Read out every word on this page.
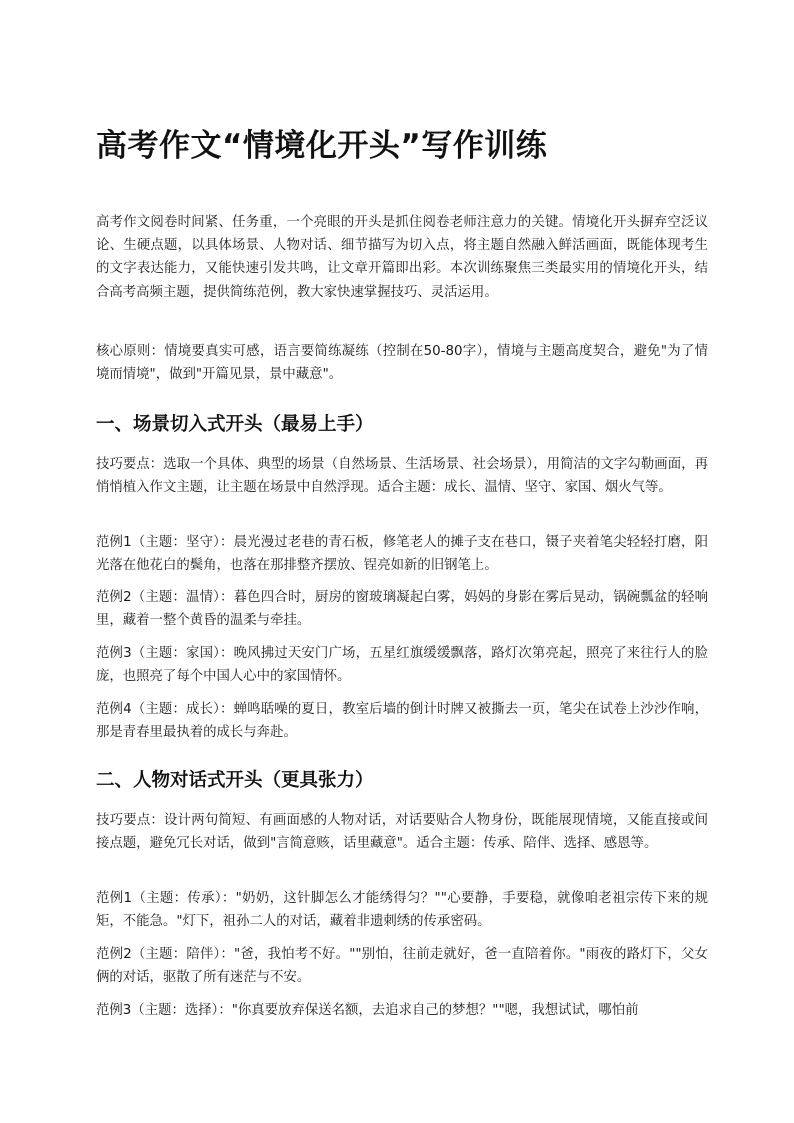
高考作文“情境化开头”写作训练

高考作文阅卷时间紧、任务重，一个亮眼的开头是抓住阅卷老师注意力的关键。情境化开头摒弃空泛议论、生硬点题，以具体场景、人物对话、细节描写为切入点，将主题自然融入鲜活画面，既能体现考生的文字表达能力，又能快速引发共鸣，让文章开篇即出彩。本次训练聚焦三类最实用的情境化开头，结合高考高频主题，提供简练范例，教大家快速掌握技巧、灵活运用。

核心原则：情境要真实可感，语言要简练凝练（控制在50-80字），情境与主题高度契合，避免"为了情境而情境"，做到"开篇见景，景中藏意"。

一、场景切入式开头（最易上手）

技巧要点：选取一个具体、典型的场景（自然场景、生活场景、社会场景），用简洁的文字勾勒画面，再悄悄植入作文主题，让主题在场景中自然浮现。适合主题：成长、温情、坚守、家国、烟火气等。

范例1（主题：坚守）：晨光漫过老巷的青石板，修笔老人的摊子支在巷口，镊子夹着笔尖轻轻打磨，阳光落在他花白的鬓角，也落在那排整齐摆放、锃亮如新的旧钢笔上。

范例2（主题：温情）：暮色四合时，厨房的窗玻璃凝起白雾，妈妈的身影在雾后晃动，锅碗瓢盆的轻响里，藏着一整个黄昏的温柔与牵挂。

范例3（主题：家国）：晚风拂过天安门广场，五星红旗缓缓飘落，路灯次第亮起，照亮了来往行人的脸庞，也照亮了每个中国人心中的家国情怀。

范例4（主题：成长）：蝉鸣聒噪的夏日，教室后墙的倒计时牌又被撕去一页，笔尖在试卷上沙沙作响，那是青春里最执着的成长与奔赴。

二、人物对话式开头（更具张力）

技巧要点：设计两句简短、有画面感的人物对话，对话要贴合人物身份，既能展现情境，又能直接或间接点题，避免冗长对话，做到"言简意赅，话里藏意"。适合主题：传承、陪伴、选择、感恩等。

范例1（主题：传承）："奶奶，这针脚怎么才能绣得匀？""心要静，手要稳，就像咱老祖宗传下来的规矩，不能急。"灯下，祖孙二人的对话，藏着非遗刺绣的传承密码。

范例2（主题：陪伴）："爸，我怕考不好。""别怕，往前走就好，爸一直陪着你。"雨夜的路灯下，父女俩的对话，驱散了所有迷茫与不安。

范例3（主题：选择）："你真要放弃保送名额，去追求自己的梦想？""嗯，我想试试，哪怕前
